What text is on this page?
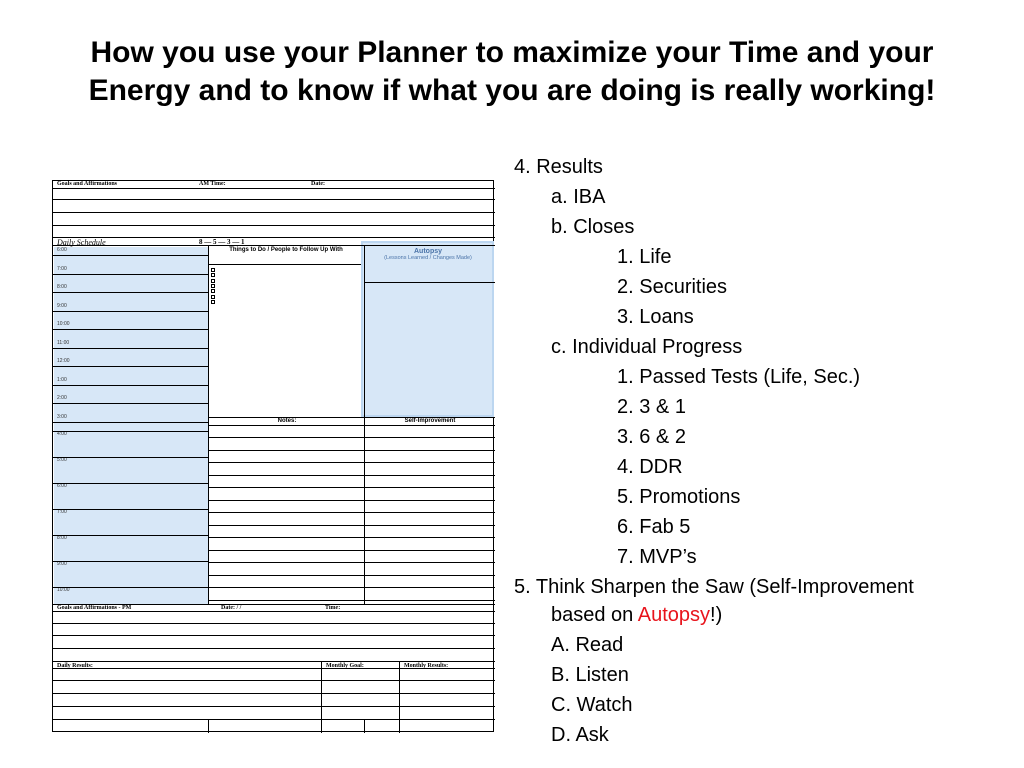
How you use your Planner to maximize your Time and your
Energy and to know if what you are doing is really working!
Goals and Affirmations	AM Time:	Date:
Daily Schedule	8 — 5 — 3 — 1
Things to Do / People to Follow Up With	Autopsy
(Lessons Learned / Changes Made)
Notes:	Self-Improvement
Goals and Affirmations - PM	Date: / /	Time:
Daily Results:	Monthly Goal:	Monthly Results:
6:00
7:00
8:00
9:00
10:00
11:00
12:00
1:00
2:00
3:00
4:00
5:00
6:00
7:00
8:00
9:00
10:00
4. Results
a. IBA
b. Closes
1. Life
2. Securities
3. Loans
c. Individual Progress
1. Passed Tests (Life, Sec.)
2. 3 & 1
3. 6 & 2
4. DDR
5. Promotions
6. Fab 5
7. MVP’s
5. Think Sharpen the Saw (Self-Improvement
based on Autopsy!)
A. Read
B. Listen
C. Watch
D. Ask
